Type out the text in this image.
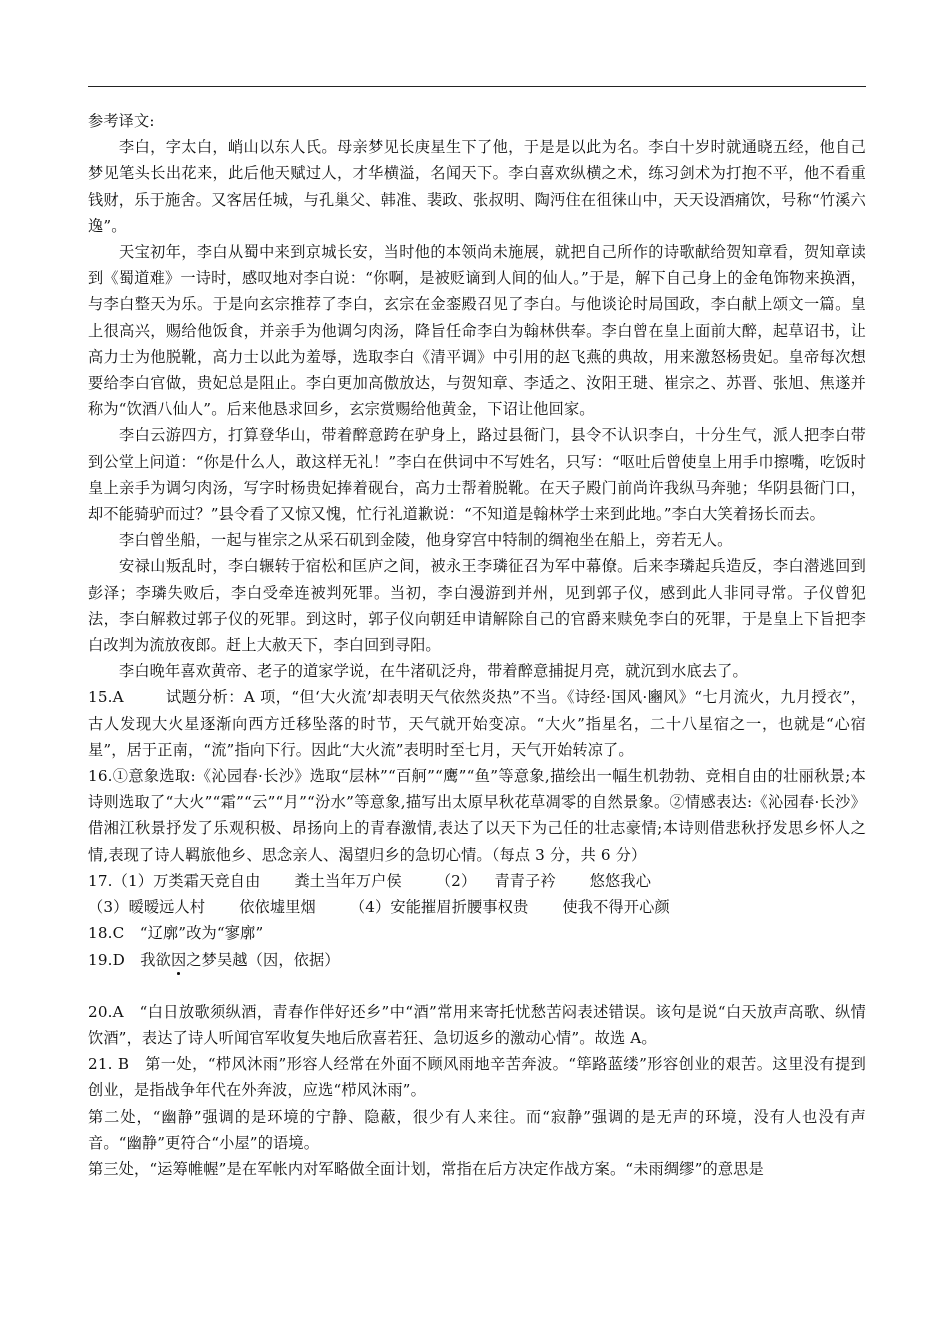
参考译文:

李白，字太白，峭山以东人氏。母亲梦见长庚星生下了他，于是是以此为名。李白十岁时就通晓五经，他自己梦见笔头长出花来，此后他天赋过人，才华横溢，名闻天下。李白喜欢纵横之术，练习剑术为打抱不平，他不看重钱财，乐于施舍。又客居任城，与孔巢父、韩准、裴政、张叔明、陶沔住在徂徕山中，天天设酒痛饮，号称“竹溪六逸”。

天宝初年，李白从蜀中来到京城长安，当时他的本领尚未施展，就把自己所作的诗歌献给贺知章看，贺知章读到《蜀道难》一诗时，感叹地对李白说：“你啊，是被贬谪到人间的仙人。”于是，解下自己身上的金龟饰物来换酒，与李白整天为乐。于是向玄宗推荐了李白，玄宗在金銮殿召见了李白。与他谈论时局国政，李白献上颂文一篇。皇上很高兴，赐给他饭食，并亲手为他调匀肉汤，降旨任命李白为翰林供奉。李白曾在皇上面前大醉，起草诏书，让高力士为他脱靴，高力士以此为羞辱，选取李白《清平调》中引用的赵飞燕的典故，用来激怒杨贵妃。皇帝每次想要给李白官做，贵妃总是阻止。李白更加高傲放达，与贺知章、李适之、汝阳王琎、崔宗之、苏晋、张旭、焦遂并称为“饮酒八仙人”。后来他恳求回乡，玄宗赏赐给他黄金，下诏让他回家。

李白云游四方，打算登华山，带着醉意跨在驴身上，路过县衙门，县令不认识李白，十分生气，派人把李白带到公堂上问道：“你是什么人，敢这样无礼！”李白在供词中不写姓名，只写：“呕吐后曾使皇上用手巾擦嘴，吃饭时皇上亲手为调匀肉汤，写字时杨贵妃捧着砚台，高力士帮着脱靴。在天子殿门前尚许我纵马奔驰；华阴县衙门口，却不能骑驴而过？”县令看了又惊又愧，忙行礼道歉说：“不知道是翰林学士来到此地。”李白大笑着扬长而去。

李白曾坐船，一起与崔宗之从采石矶到金陵，他身穿宫中特制的绸袍坐在船上，旁若无人。

安禄山叛乱时，李白辗转于宿松和匡庐之间，被永王李璘征召为军中幕僚。后来李璘起兵造反，李白潜逃回到彭泽；李璘失败后，李白受牵连被判死罪。当初，李白漫游到并州，见到郭子仪，感到此人非同寻常。子仪曾犯法，李白解救过郭子仪的死罪。到这时，郭子仪向朝廷申请解除自己的官爵来赎免李白的死罪，于是皇上下旨把李白改判为流放夜郎。赶上大赦天下，李白回到寻阳。

李白晚年喜欢黄帝、老子的道家学说，在牛渚矶泛舟，带着醉意捕捉月亮，就沉到水底去了。

15.A	试题分析：A 项，“但‘大火流’却表明天气依然炎热”不当。《诗经·国风·豳风》“七月流火，九月授衣”，古人发现大火星逐渐向西方迁移坠落的时节，天气就开始变凉。“大火”指星名，二十八星宿之一，也就是“心宿星”，居于正南，“流”指向下行。因此“大火流”表明时至七月，天气开始转凉了。

16.①意象选取:《沁园春·长沙》选取“层林”“百舸”“鹰”“鱼”等意象,描绘出一幅生机勃勃、竞相自由的壮丽秋景;本诗则选取了“大火”“霜”“云”“月”“汾水”等意象,描写出太原早秋花草凋零的自然景象。②情感表达:《沁园春·长沙》借湘江秋景抒发了乐观积极、昂扬向上的青春激情,表达了以天下为己任的壮志豪情;本诗则借悲秋抒发思乡怀人之情,表现了诗人羁旅他乡、思念亲人、渴望归乡的急切心情。（每点 3 分，共 6 分）

17.（1） 万类霜天竞自由 粪土当年万户侯 （2） 青青子衿 悠悠我心
（3） 暧暧远人村 依依墟里烟 （4） 安能摧眉折腰事权贵 使我不得开心颜

18.C　“辽廓”改为“寥廓”

19.D　我欲因之梦吴越（因，依据）

20.A　“白日放歌须纵酒，青春作伴好还乡”中“酒”常用来寄托忧愁苦闷表述错误。该句是说“白天放声高歌、纵情饮酒”，表达了诗人听闻官军收复失地后欣喜若狂、急切返乡的激动心情”。故选 A。

21. B　第一处，“栉风沐雨”形容人经常在外面不顾风雨地辛苦奔波。“筚路蓝缕”形容创业的艰苦。这里没有提到创业，是指战争年代在外奔波，应选“栉风沐雨”。

第二处，“幽静”强调的是环境的宁静、隐蔽，很少有人来往。而“寂静”强调的是无声的环境，没有人也没有声音。“幽静”更符合“小屋”的语境。

第三处，“运筹帷幄”是在军帐内对军略做全面计划，常指在后方决定作战方案。“未雨绸缪”的意思是
